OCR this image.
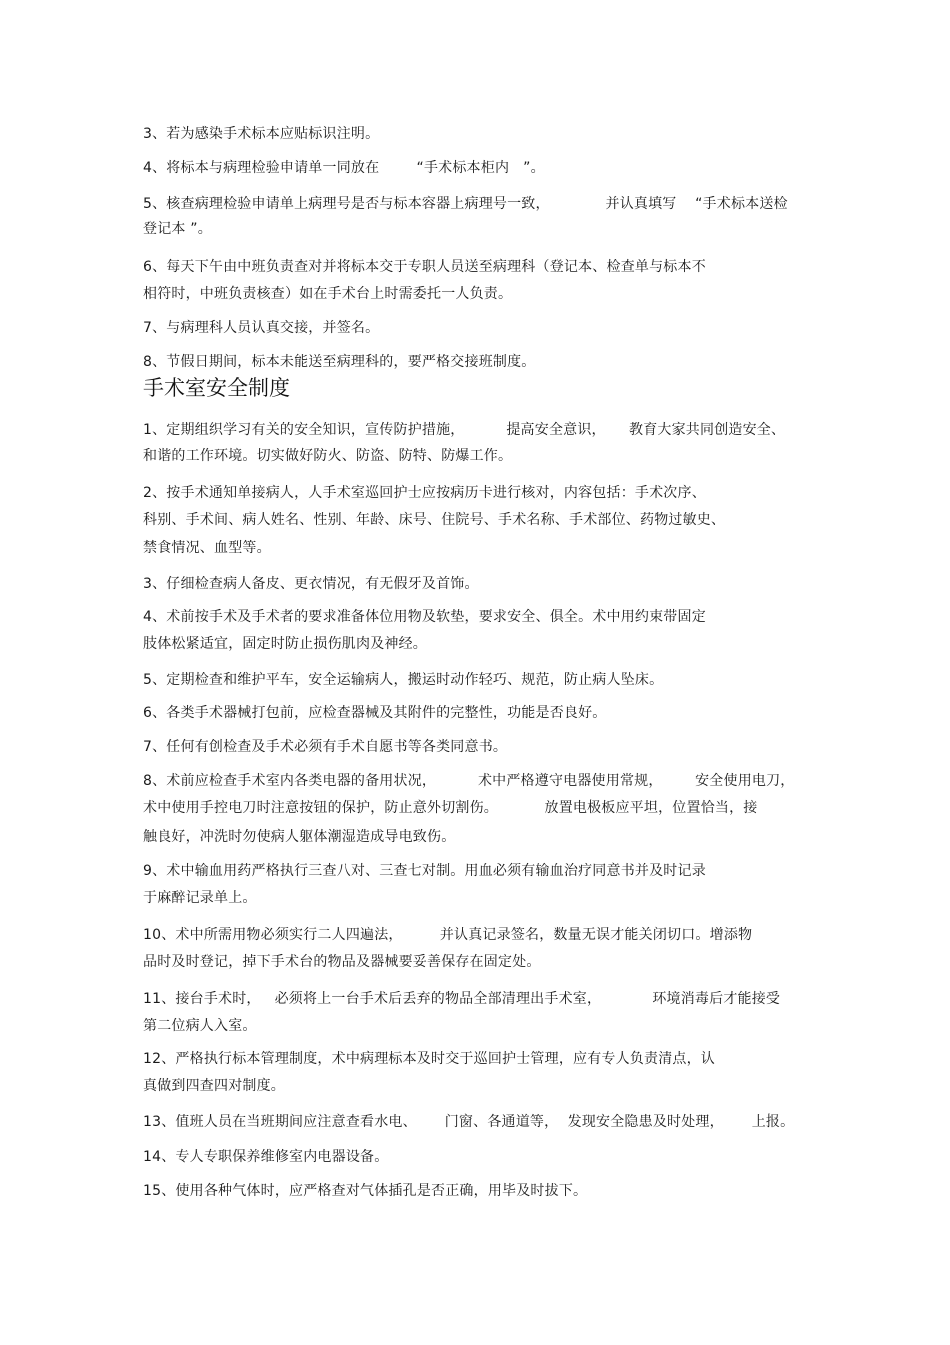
3、若为感染手术标本应贴标识注明。
4、将标本与病理检验申请单一同放在        “手术标本柜内   ”。
5、核查病理检验申请单上病理号是否与标本容器上病理号一致，            并认真填写    “手术标本送检
登记本 ”。
6、每天下午由中班负责查对并将标本交于专职人员送至病理科（登记本、检查单与标本不
相符时，中班负责核查）如在手术台上时需委托一人负责。
7、与病理科人员认真交接，并签名。
8、节假日期间，标本未能送至病理科的，要严格交接班制度。
手术室安全制度
1、定期组织学习有关的安全知识，宣传防护措施，         提高安全意识，     教育大家共同创造安全、
和谐的工作环境。切实做好防火、防盗、防特、防爆工作。
2、按手术通知单接病人，人手术室巡回护士应按病历卡进行核对，内容包括：手术次序、
科别、手术间、病人姓名、性别、年龄、床号、住院号、手术名称、手术部位、药物过敏史、
禁食情况、血型等。
3、仔细检查病人备皮、更衣情况，有无假牙及首饰。
4、术前按手术及手术者的要求准备体位用物及软垫，要求安全、俱全。术中用约束带固定
肢体松紧适宜，固定时防止损伤肌肉及神经。
5、定期检查和维护平车，安全运输病人，搬运时动作轻巧、规范，防止病人坠床。
6、各类手术器械打包前，应检查器械及其附件的完整性，功能是否良好。
7、任何有创检查及手术必须有手术自愿书等各类同意书。
8、术前应检查手术室内各类电器的备用状况，         术中严格遵守电器使用常规，       安全使用电刀，
术中使用手控电刀时注意按钮的保护，防止意外切割伤。          放置电极板应平坦，位置恰当，接
触良好，冲洗时勿使病人躯体潮湿造成导电致伤。
9、术中输血用药严格执行三查八对、三查七对制。用血必须有输血治疗同意书并及时记录
于麻醉记录单上。
10、术中所需用物必须实行二人四遍法，        并认真记录签名，数量无误才能关闭切口。增添物
品时及时登记，掉下手术台的物品及器械要妥善保存在固定处。
11、接台手术时，   必须将上一台手术后丢弃的物品全部清理出手术室，           环境消毒后才能接受
第二位病人入室。
12、严格执行标本管理制度，术中病理标本及时交于巡回护士管理，应有专人负责清点，认
真做到四查四对制度。
13、值班人员在当班期间应注意查看水电、      门窗、各通道等，  发现安全隐患及时处理，      上报。
14、专人专职保养维修室内电器设备。
15、使用各种气体时，应严格查对气体插孔是否正确，用毕及时拔下。
